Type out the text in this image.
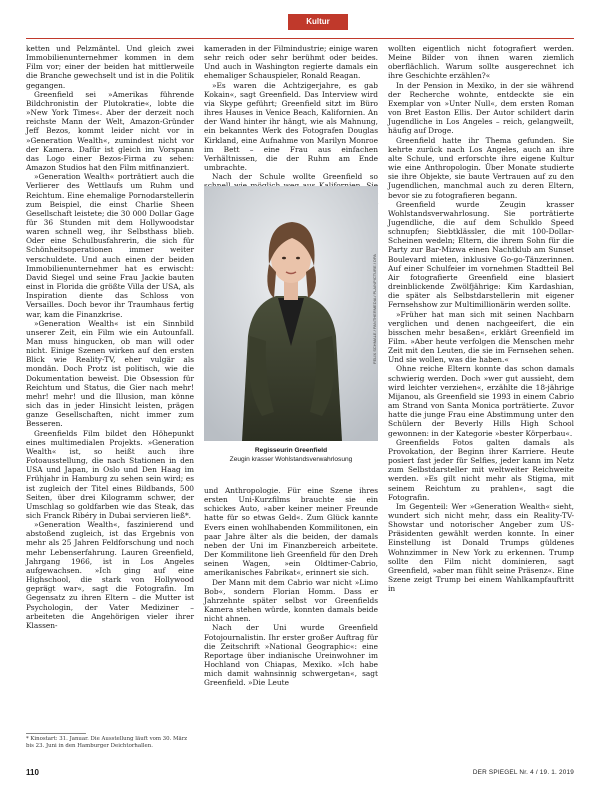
Kultur

ketten und Pelzmäntel. Und gleich zwei Immobilienunternehmer kommen in dem Film vor; einer der beiden hat mittlerweile die Branche gewechselt und ist in die Politik gegangen.

Greenfield sei »Amerikas führende Bildchronistin der Plutokratie«, lobte die »New York Times«. Aber der derzeit noch reichste Mann der Welt, Amazon-Gründer Jeff Bezos, kommt leider nicht vor in »Generation Wealth«, zumindest nicht vor der Kamera. Dafür ist gleich im Vorspann das Logo einer Bezos-Firma zu sehen: Amazon Studios hat den Film mitfinanziert.

»Generation Wealth« porträtiert auch die Verlierer des Wettlaufs um Ruhm und Reichtum. Eine ehemalige Pornodarstellerin zum Beispiel, die einst Charlie Sheen Gesellschaft leistete; die 30 000 Dollar Gage für 36 Stunden mit dem Hollywoodstar waren schnell weg, ihr Selbsthass blieb. Oder eine Schulbusfahrerin, die sich für Schönheitsoperationen immer weiter verschuldete. Und auch einen der beiden Immobilienunternehmer hat es erwischt: David Siegel und seine Frau Jackie bauten einst in Florida die größte Villa der USA, als Inspiration diente das Schloss von Versailles. Doch bevor ihr Traumhaus fertig war, kam die Finanzkrise.

»Generation Wealth« ist ein Sinnbild unserer Zeit, ein Film wie ein Autounfall. Man muss hingucken, ob man will oder nicht. Einige Szenen wirken auf den ersten Blick wie Reality-TV, eher vulgär als mondän. Doch Protz ist politisch, wie die Dokumentation beweist. Die Obsession für Reichtum und Status, die Gier nach mehr! mehr! mehr! und die Illusion, man könne sich das in jeder Hinsicht leisten, prägen ganze Gesellschaften, nicht immer zum Besseren.

Greenfields Film bildet den Höhepunkt eines multimedialen Projekts. »Generation Wealth« ist, so heißt auch ihre Fotoausstellung, die nach Stationen in den USA und Japan, in Oslo und Den Haag im Frühjahr in Hamburg zu sehen sein wird; es ist zugleich der Titel eines Bildbands, 500 Seiten, über drei Kilogramm schwer, der Umschlag so goldfarben wie das Steak, das sich Franck Ribéry in Dubai servieren ließ*.

»Generation Wealth«, faszinierend und abstoßend zugleich, ist das Ergebnis von mehr als 25 Jahren Feldforschung und noch mehr Lebenserfahrung. Lauren Greenfield, Jahrgang 1966, ist in Los Angeles aufgewachsen. »Ich ging auf eine Highschool, die stark von Hollywood geprägt war«, sagt die Fotografin. Im Gegensatz zu ihren Eltern – die Mutter ist Psychologin, der Vater Mediziner – arbeiteten die Angehörigen vieler ihrer Klassen-

kameraden in der Filmindustrie; einige waren sehr reich oder sehr berühmt oder beides. Und auch in Washington regierte damals ein ehemaliger Schauspieler, Ronald Reagan.

»Es waren die Achtzigerjahre, es gab Kokain«, sagt Greenfield. Das Interview wird via Skype geführt; Greenfield sitzt im Büro ihres Hauses in Venice Beach, Kalifornien. An der Wand hinter ihr hängt, wie als Mahnung, ein bekanntes Werk des Fotografen Douglas Kirkland, eine Aufnahme von Marilyn Monroe im Bett – eine Frau aus einfachen Verhältnissen, die der Ruhm am Ende umbrachte.

Nach der Schule wollte Greenfield so

FELIX SCHMALE / PANTHERMEDIA / PLAINPICTURE / DPA
Regisseurin Greenfield
Zeugin krasser Wohlstandsverwahrlosung

und Anthropologie. Für eine Szene ihres ersten Uni-Kurzfilms brauchte sie ein schickes Auto, »aber keiner meiner Freunde hatte für so etwas Geld«. Zum Glück kannte Evers einen wohlhabenden Kommilitonen, ein paar Jahre älter als die beiden, der damals neben der Uni im Finanzbereich arbeitete. Der Kommilitone lieh Greenfield für den Dreh seinen Wagen, »ein Oldtimer-Cabrio, amerikanisches Fabrikat«, erinnert sie sich.

Der Mann mit dem Cabrio war nicht »Limo Bob«, sondern Florian Homm. Dass er Jahrzehnte später selbst vor Greenfields Kamera stehen würde, konnten damals beide nicht ahnen.

Nach der Uni wurde Greenfield Fotojournalistin. Ihr erster großer Auftrag für die Zeitschrift »National Geographic«: eine Reportage über indianische Ureinwohner im Hochland von Chiapas, Mexiko. »Ich habe mich damit wahnsinnig schwergetan«, sagt Greenfield. »Die Leute

wollten eigentlich nicht fotografiert werden. Meine Bilder von ihnen waren ziemlich oberflächlich. Warum sollte ausgerechnet ich ihre Geschichte erzählen?«

In der Pension in Mexiko, in der sie während der Recherche wohnte, entdeckte sie ein Exemplar von »Unter Null«, dem ersten Roman von Bret Easton Ellis. Der Autor schildert darin Jugendliche in Los Angeles – reich, gelangweilt, häufig auf Droge.

Greenfield hatte ihr Thema gefunden. Sie kehrte zurück nach Los Angeles, auch an ihre alte Schule, und erforschte ihre eigene Kultur wie eine Anthropologin. Über Monate studierte sie ihre Objekte, sie baute Vertrauen auf zu den Jugendlichen, manchmal auch zu deren Eltern, bevor sie zu fotografieren begann.

Greenfield wurde Zeugin krasser Wohlstandsverwahrlosung. Sie porträtierte Jugendliche, die auf dem Schulklo Speed schnupfen; Siebtklässler, die mit 100-Dollar-Scheinen wedeln; Eltern, die ihrem Sohn für die Party zur Bar-Mizwa einen Nachtklub am Sunset Boulevard mieten, inklusive Go-go-Tänzerinnen. Auf einer Schulfeier im vornehmen Stadtteil Bel Air fotografierte Greenfield eine blasiert dreinblickende Zwölfjährige: Kim Kardashian, die später als Selbstdarstellerin mit eigener Fernsehshow zur Multimillionärin werden sollte.

»Früher hat man sich mit seinen Nachbarn verglichen und denen nachgeeifert, die ein bisschen mehr besaßen«, erklärt Greenfield im Film. »Aber heute verfolgen die Menschen mehr Zeit mit den Leuten, die sie im Fernsehen sehen. Und sie wollen, was die haben.«

Ohne reiche Eltern konnte das schon damals schwierig werden. Doch »wer gut aussieht, dem wird leichter verziehen«, erzählte die 18-jährige Mijanou, als Greenfield sie 1993 in einem Cabrio am Strand von Santa Monica porträtierte. Zuvor hatte die junge Frau eine Abstimmung unter den Schülern der Beverly Hills High School gewonnen: in der Kategorie »bester Körperbau«.

Greenfields Fotos galten damals als Provokation, der Beginn ihrer Karriere. Heute posiert fast jeder für Selfies, jeder kann im Netz zum Selbstdarsteller mit weltweiter Reichweite werden. »Es gilt nicht mehr als Stigma, mit seinem Reichtum zu prahlen«, sagt die Fotografin.

Im Gegenteil: Wer »Generation Wealth« sieht, wundert sich nicht mehr, dass ein Reality-TV-Showstar und notorischer Angeber zum US-Präsidenten gewählt werden konnte. In einer Einstellung ist Donald Trumps güldenes Wohnzimmer in New York zu erkennen. Trump sollte den Film nicht dominieren, sagt Greenfield, »aber man fühlt seine Präsenz«. Eine Szene zeigt Trump bei einem Wahlkampfauftritt in

* Kinostart: 31. Januar. Die Ausstellung läuft vom 30. März bis 23. Juni in den Hamburger Deichtorhallen.
110	DER SPIEGEL Nr. 4 / 19. 1. 2019
